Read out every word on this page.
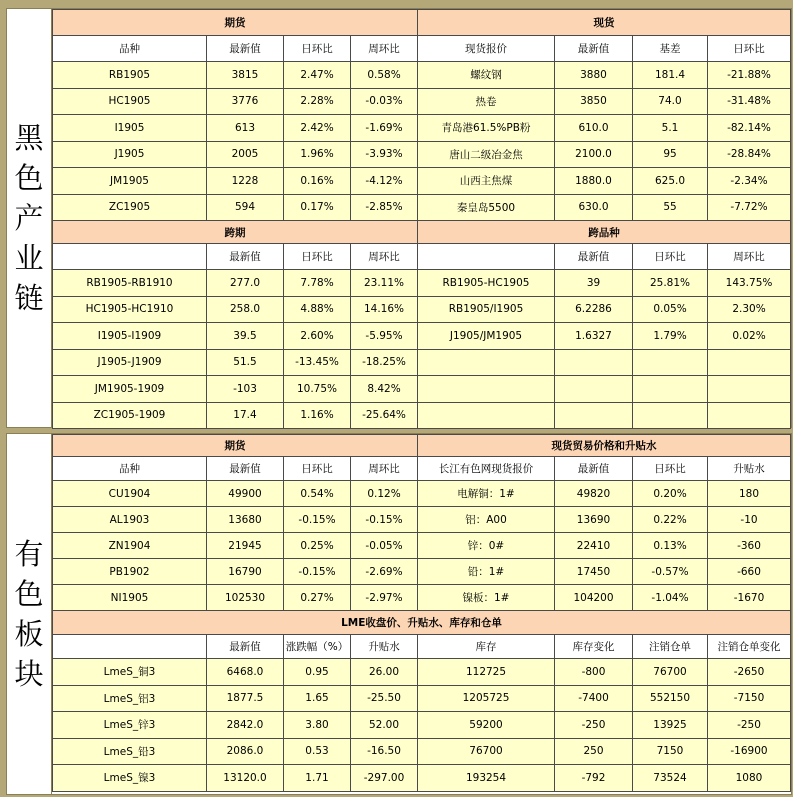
黑
色
产
业
链
期货				现货			
品种	最新值	日环比	周环比	现货报价	最新值	基差	日环比
RB1905	3815	2.47%	0.58%	螺纹钢	3880	181.4	-21.88%
HC1905	3776	2.28%	-0.03%	热卷	3850	74.0	-31.48%
I1905	613	2.42%	-1.69%	青岛港61.5%PB粉	610.0	5.1	-82.14%
J1905	2005	1.96%	-3.93%	唐山二级冶金焦	2100.0	95	-28.84%
JM1905	1228	0.16%	-4.12%	山西主焦煤	1880.0	625.0	-2.34%
ZC1905	594	0.17%	-2.85%	秦皇岛5500	630.0	55	-7.72%
跨期				跨品种			
	最新值	日环比	周环比		最新值	日环比	周环比
RB1905-RB1910	277.0	7.78%	23.11%	RB1905-HC1905	39	25.81%	143.75%
HC1905-HC1910	258.0	4.88%	14.16%	RB1905/I1905	6.2286	0.05%	2.30%
I1905-I1909	39.5	2.60%	-5.95%	J1905/JM1905	1.6327	1.79%	0.02%
J1905-J1909	51.5	-13.45%	-18.25%				
JM1905-1909	-103	10.75%	8.42%				
ZC1905-1909	17.4	1.16%	-25.64%				
有
色
板
块
期货				现货贸易价格和升贴水			
品种	最新值	日环比	周环比	长江有色网现货报价	最新值	日环比	升贴水
CU1904	49900	0.54%	0.12%	电解铜：1#	49820	0.20%	180
AL1903	13680	-0.15%	-0.15%	铝：A00	13690	0.22%	-10
ZN1904	21945	0.25%	-0.05%	锌：0#	22410	0.13%	-360
PB1902	16790	-0.15%	-2.69%	铅：1#	17450	-0.57%	-660
NI1905	102530	0.27%	-2.97%	镍板：1#	104200	-1.04%	-1670
LME收盘价、升贴水、库存和仓单							
	最新值	涨跌幅（%）	升贴水	库存	库存变化	注销仓单	注销仓单变化
LmeS_铜3	6468.0	0.95	26.00	112725	-800	76700	-2650
LmeS_铝3	1877.5	1.65	-25.50	1205725	-7400	552150	-7150
LmeS_锌3	2842.0	3.80	52.00	59200	-250	13925	-250
LmeS_铅3	2086.0	0.53	-16.50	76700	250	7150	-16900
LmeS_镍3	13120.0	1.71	-297.00	193254	-792	73524	1080
